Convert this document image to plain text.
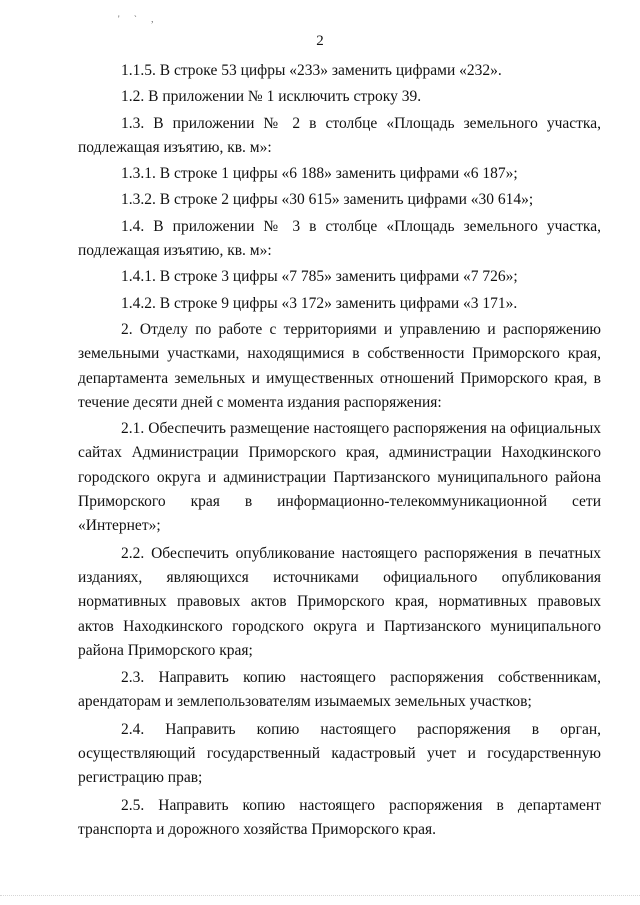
' ` ,
2

1.1.5. В строке 53 цифры «233» заменить цифрами «232».

1.2. В приложении № 1 исключить строку 39.

1.3. В приложении № 2 в столбце «Площадь земельного участка, подлежащая изъятию, кв. м»:

1.3.1. В строке 1 цифры «6 188» заменить цифрами «6 187»;

1.3.2. В строке 2 цифры «30 615» заменить цифрами «30 614»;

1.4. В приложении № 3 в столбце «Площадь земельного участка, подлежащая изъятию, кв. м»:

1.4.1. В строке 3 цифры «7 785» заменить цифрами «7 726»;

1.4.2. В строке 9 цифры «3 172» заменить цифрами «3 171».

2. Отделу по работе с территориями и управлению и распоряжению земельными участками, находящимися в собственности Приморского края, департамента земельных и имущественных отношений Приморского края, в течение десяти дней с момента издания распоряжения:

2.1. Обеспечить размещение настоящего распоряжения на официальных сайтах Администрации Приморского края, администрации Находкинского городского округа и администрации Партизанского муниципального района Приморского края в информационно-телекоммуникационной сети «Интернет»;

2.2. Обеспечить опубликование настоящего распоряжения в печатных изданиях, являющихся источниками официального опубликования нормативных правовых актов Приморского края, нормативных правовых актов Находкинского городского округа и Партизанского муниципального района Приморского края;

2.3. Направить копию настоящего распоряжения собственникам, арендаторам и землепользователям изымаемых земельных участков;

2.4. Направить копию настоящего распоряжения в орган, осуществляющий государственный кадастровый учет и государственную регистрацию прав;

2.5. Направить копию настоящего распоряжения в департамент транспорта и дорожного хозяйства Приморского края.
